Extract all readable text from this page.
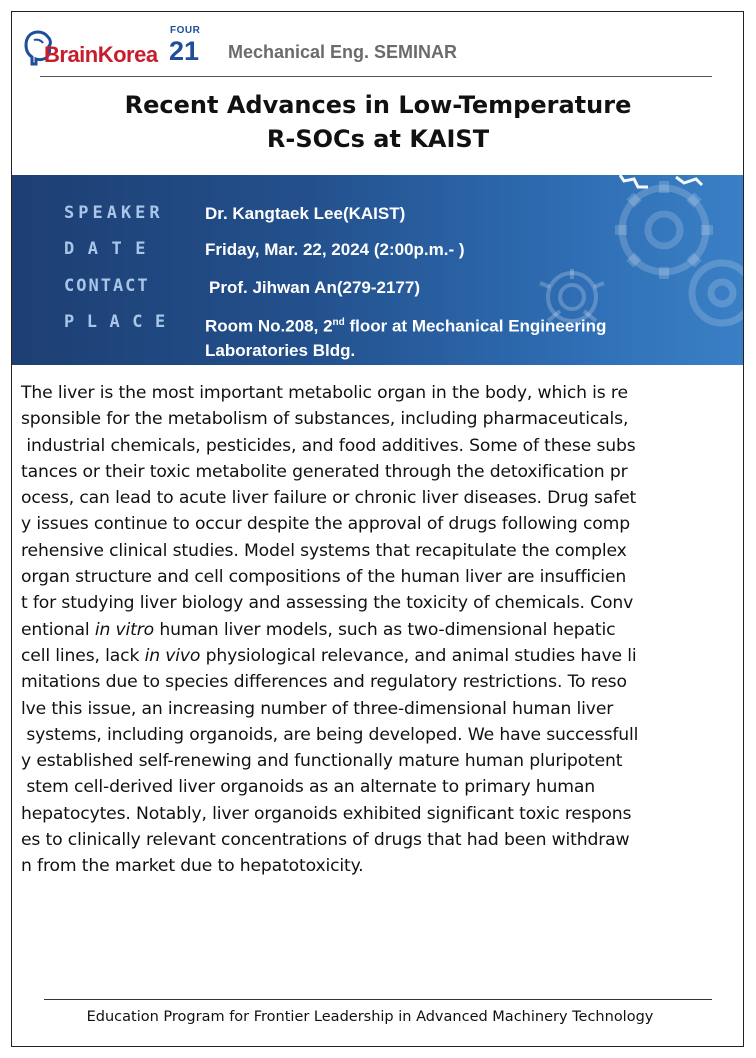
BrainKorea
FOUR
21 Mechanical Eng. SEMINAR
Recent Advances in Low-Temperature
R-SOCs at KAIST
SPEAKER	Dr. Kangtaek Lee(KAIST)
DATE	Friday, Mar. 22, 2024 (2:00p.m.- )
CONTACT	Prof. Jihwan An(279-2177)
PLACE	Room No.208, 2nd floor at Mechanical Engineering
Laboratories Bldg.
The liver is the most important metabolic organ in the body, which is re
sponsible for the metabolism of substances, including pharmaceuticals,
industrial chemicals, pesticides, and food additives. Some of these subs
tances or their toxic metabolite generated through the detoxification pr
ocess, can lead to acute liver failure or chronic liver diseases. Drug safet
y issues continue to occur despite the approval of drugs following comp
rehensive clinical studies. Model systems that recapitulate the complex
organ structure and cell compositions of the human liver are insufficien
t for studying liver biology and assessing the toxicity of chemicals. Conv
entional in vitro human liver models, such as two-dimensional hepatic
cell lines, lack in vivo physiological relevance, and animal studies have li
mitations due to species differences and regulatory restrictions. To reso
lve this issue, an increasing number of three-dimensional human liver
systems, including organoids, are being developed. We have successfull
y established self-renewing and functionally mature human pluripotent
stem cell-derived liver organoids as an alternate to primary human
hepatocytes. Notably, liver organoids exhibited significant toxic respons
es to clinically relevant concentrations of drugs that had been withdraw
n from the market due to hepatotoxicity.
Education Program for Frontier Leadership in Advanced Machinery Technology
